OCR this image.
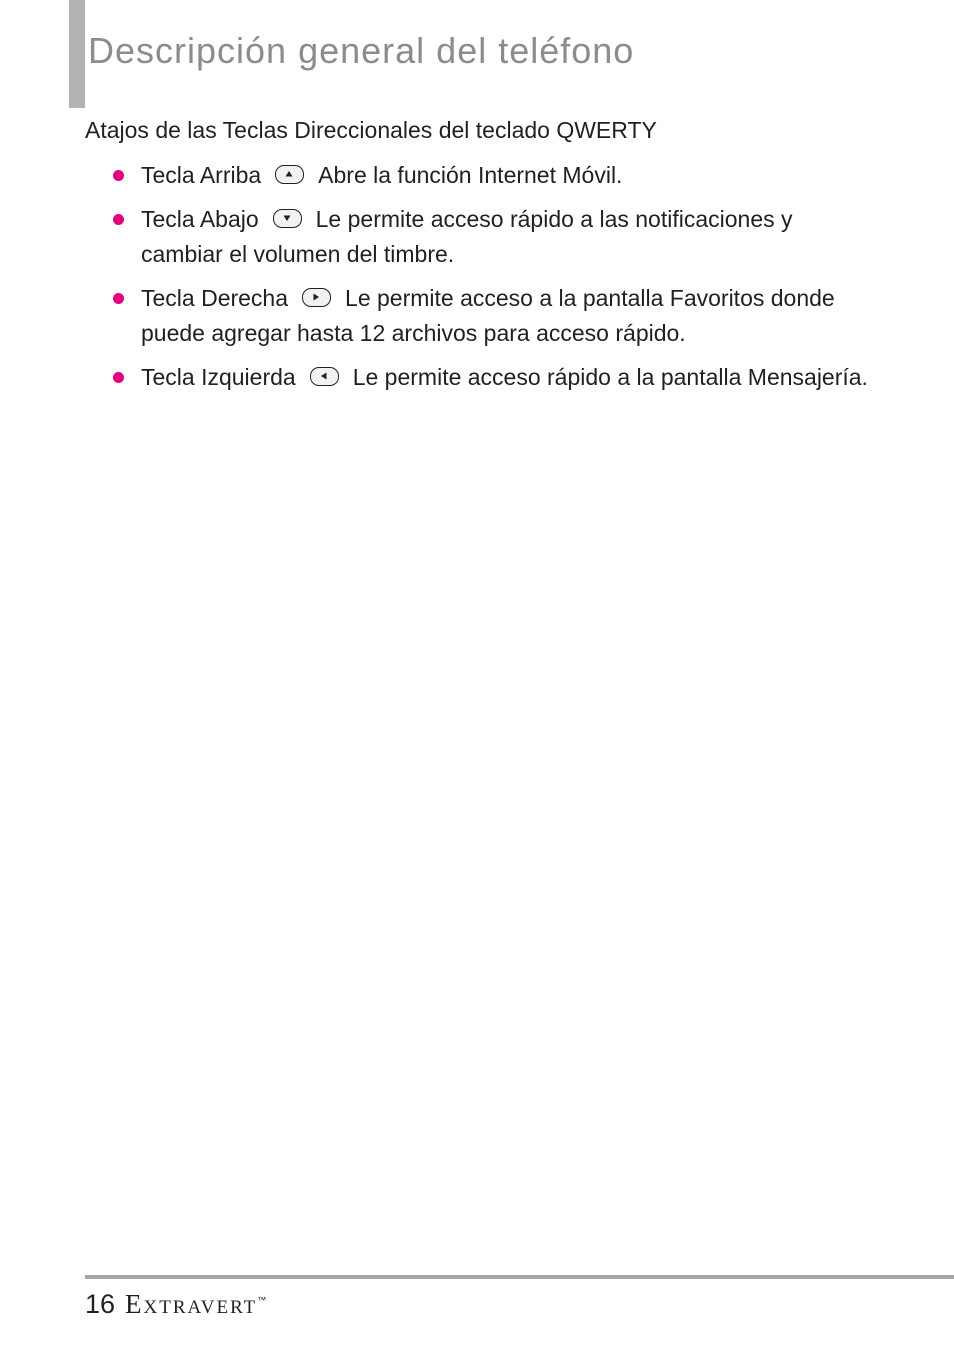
Descripción general del teléfono
Atajos de las Teclas Direccionales del teclado QWERTY
Tecla Arriba Abre la función Internet Móvil.
Tecla Abajo Le permite acceso rápido a las notificaciones y cambiar el volumen del timbre.
Tecla Derecha Le permite acceso a la pantalla Favoritos donde puede agregar hasta 12 archivos para acceso rápido.
Tecla Izquierda Le permite acceso rápido a la pantalla Mensajería.
16 Extravert™
